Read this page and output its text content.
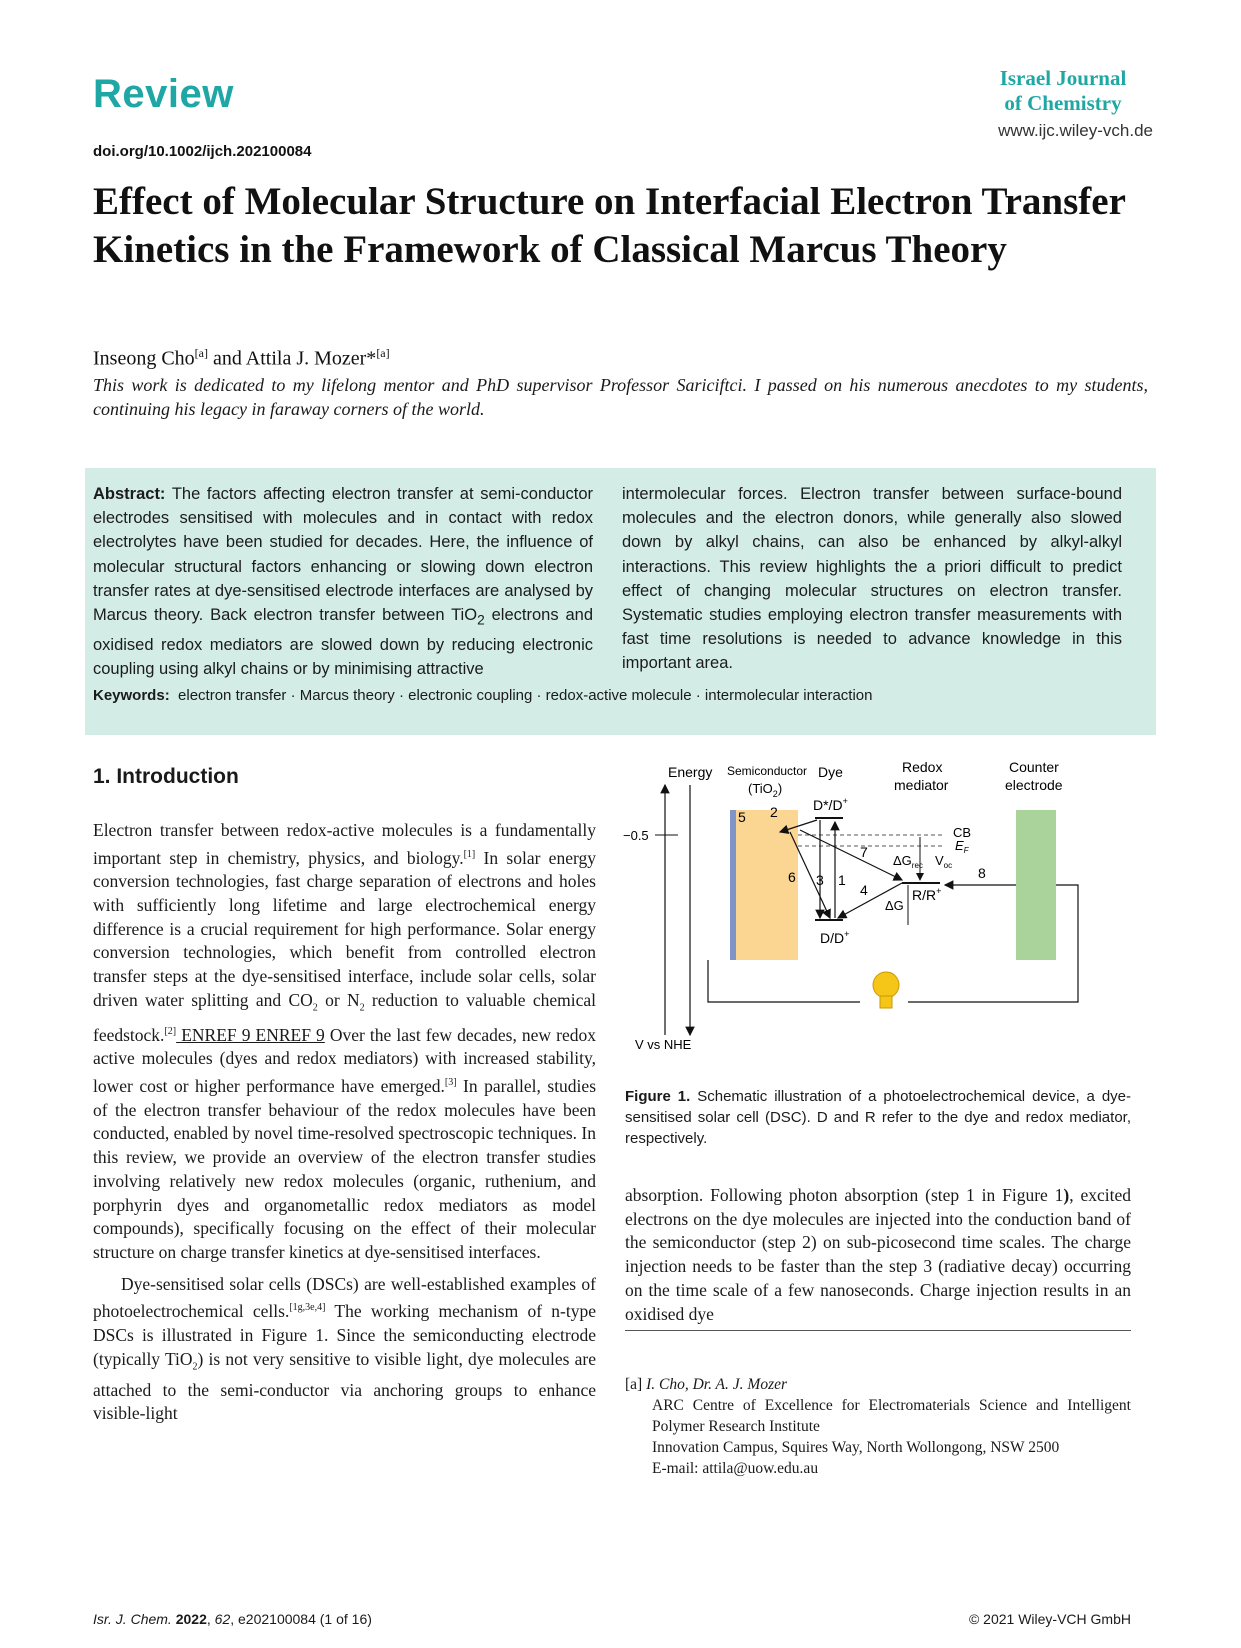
Review
doi.org/10.1002/ijch.202100084
Israel Journal
of Chemistry
www.ijc.wiley-vch.de
Effect of Molecular Structure on Interfacial Electron Transfer Kinetics in the Framework of Classical Marcus Theory
Inseong Cho[a] and Attila J. Mozer*[a]
This work is dedicated to my lifelong mentor and PhD supervisor Professor Sariciftci. I passed on his numerous anecdotes to my students, continuing his legacy in faraway corners of the world.
Abstract: The factors affecting electron transfer at semi-conductor electrodes sensitised with molecules and in contact with redox electrolytes have been studied for decades. Here, the influence of molecular structural factors enhancing or slowing down electron transfer rates at dye-sensitised electrode interfaces are analysed by Marcus theory. Back electron transfer between TiO$_2$ electrons and oxidised redox mediators are slowed down by reducing electronic coupling using alkyl chains or by minimising attractive
intermolecular forces. Electron transfer between surface-bound molecules and the electron donors, while generally also slowed down by alkyl chains, can also be enhanced by alkyl-alkyl interactions. This review highlights the a priori difficult to predict effect of changing molecular structures on electron transfer. Systematic studies employing electron transfer measurements with fast time resolutions is needed to advance knowledge in this important area.
Keywords: electron transfer · Marcus theory · electronic coupling · redox-active molecule · intermolecular interaction
1. Introduction

Electron transfer between redox-active molecules is a fundamentally important step in chemistry, physics, and biology.[1] In solar energy conversion technologies, fast charge separation of electrons and holes with sufficiently long lifetime and large electrochemical energy difference is a crucial requirement for high performance. Solar energy conversion technologies, which benefit from controlled electron transfer steps at the dye-sensitised interface, include solar cells, solar driven water splitting and $CO_2$ or $N_2$ reduction to valuable chemical feedstock.[2] ENREF 9 ENREF 9 Over the last few decades, new redox active molecules (dyes and redox mediators) with increased stability, lower cost or higher performance have emerged.[3] In parallel, studies of the electron transfer behaviour of the redox molecules have been conducted, enabled by novel time-resolved spectroscopic techniques. In this review, we provide an overview of the electron transfer studies involving relatively new redox molecules (organic, ruthenium, and porphyrin dyes and organometallic redox mediators as model compounds), specifically focusing on the effect of their molecular structure on charge transfer kinetics at dye-sensitised interfaces.

Dye-sensitised solar cells (DSCs) are well-established examples of photoelectrochemical cells.[1g,3e,4] The working mechanism of n-type DSCs is illustrated in Figure 1. Since the semiconducting electrode (typically TiO$_2$) is not very sensitive to visible light, dye molecules are attached to the semi-conductor via anchoring groups to enhance visible-light

Energy
−0.5
V vs NHE
Semiconductor
(TiO$_2$)
Dye	Redox
mediator
Counter
electrode
D*/D+
D/D+
R/R+
CB
$E_F$
$V_{oc}$
ΔG
$\Delta G_{rec}$
1
2
3
4
5
6
7
8
Figure 1. Schematic illustration of a photoelectrochemical device, a dye-sensitised solar cell (DSC). D and R refer to the dye and redox mediator, respectively.

absorption. Following photon absorption (step 1 in Figure 1), excited electrons on the dye molecules are injected into the conduction band of the semiconductor (step 2) on sub-picosecond time scales. The charge injection needs to be faster than the step 3 (radiative decay) occurring on the time scale of a few nanoseconds. Charge injection results in an oxidised dye

[a] I. Cho, Dr. A. J. Mozer
ARC Centre of Excellence for Electromaterials Science and Intelligent Polymer Research Institute
Innovation Campus, Squires Way, North Wollongong, NSW 2500
E-mail: attila@uow.edu.au
Isr. J. Chem. 2022, 62, e202100084 (1 of 16)	© 2021 Wiley-VCH GmbH
